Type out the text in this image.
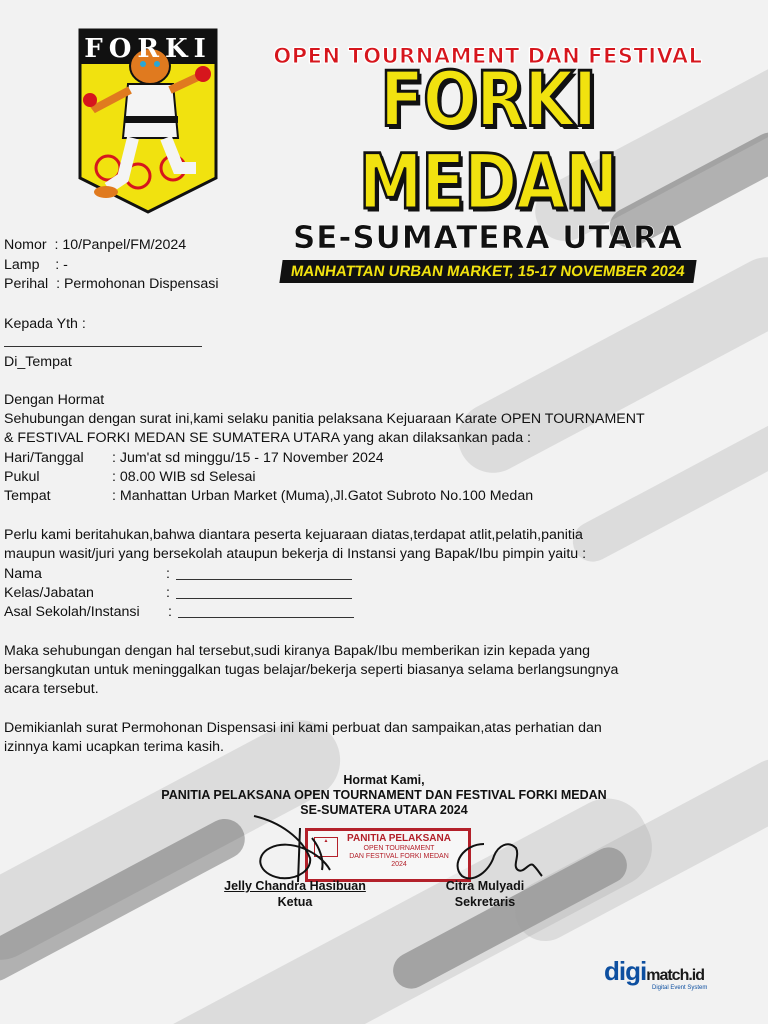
FORKI	OPEN TOURNAMENT DAN FESTIVAL
FORKI MEDAN
SE-SUMATERA UTARA
MANHATTAN URBAN MARKET, 15-17 NOVEMBER 2024
Nomor : 10/Panpel/FM/2024
Lamp : -
Perihal : Permohonan Dispensasi
Kepada Yth :
Di_Tempat
Dengan Hormat
Sehubungan dengan surat ini,kami selaku panitia pelaksana Kejuaraan Karate OPEN TOURNAMENT
& FESTIVAL FORKI MEDAN SE SUMATERA UTARA yang akan dilaksankan pada :
Hari/Tanggal : Jum'at sd minggu/15 - 17 November 2024
Pukul	: 08.00 WIB sd Selesai
Tempat	: Manhattan Urban Market (Muma),Jl.Gatot Subroto No.100 Medan
Perlu kami beritahukan,bahwa diantara peserta kejuaraan diatas,terdapat atlit,pelatih,panitia
maupun wasit/juri yang bersekolah ataupun bekerja di Instansi yang Bapak/Ibu pimpin yaitu :
Nama	:
Kelas/Jabatan	:
Asal Sekolah/Instansi :
Maka sehubungan dengan hal tersebut,sudi kiranya Bapak/Ibu memberikan izin kepada yang
bersangkutan untuk meninggalkan tugas belajar/bekerja seperti biasanya selama berlangsungnya
acara tersebut.
Demikianlah surat Permohonan Dispensasi ini kami perbuat dan sampaikan,atas perhatian dan
izinnya kami ucapkan terima kasih.
Hormat Kami,
PANITIA PELAKSANA OPEN TOURNAMENT DAN FESTIVAL FORKI MEDAN
SE-SUMATERA UTARA 2024
▲	PANITIA PELAKSANA
OPEN TOURNAMENT
DAN FESTIVAL FORKI MEDAN
2024
Jelly Chandra Hasibuan
Ketua
Citra Mulyadi
Sekretaris
digimatch.id
Digital Event System
